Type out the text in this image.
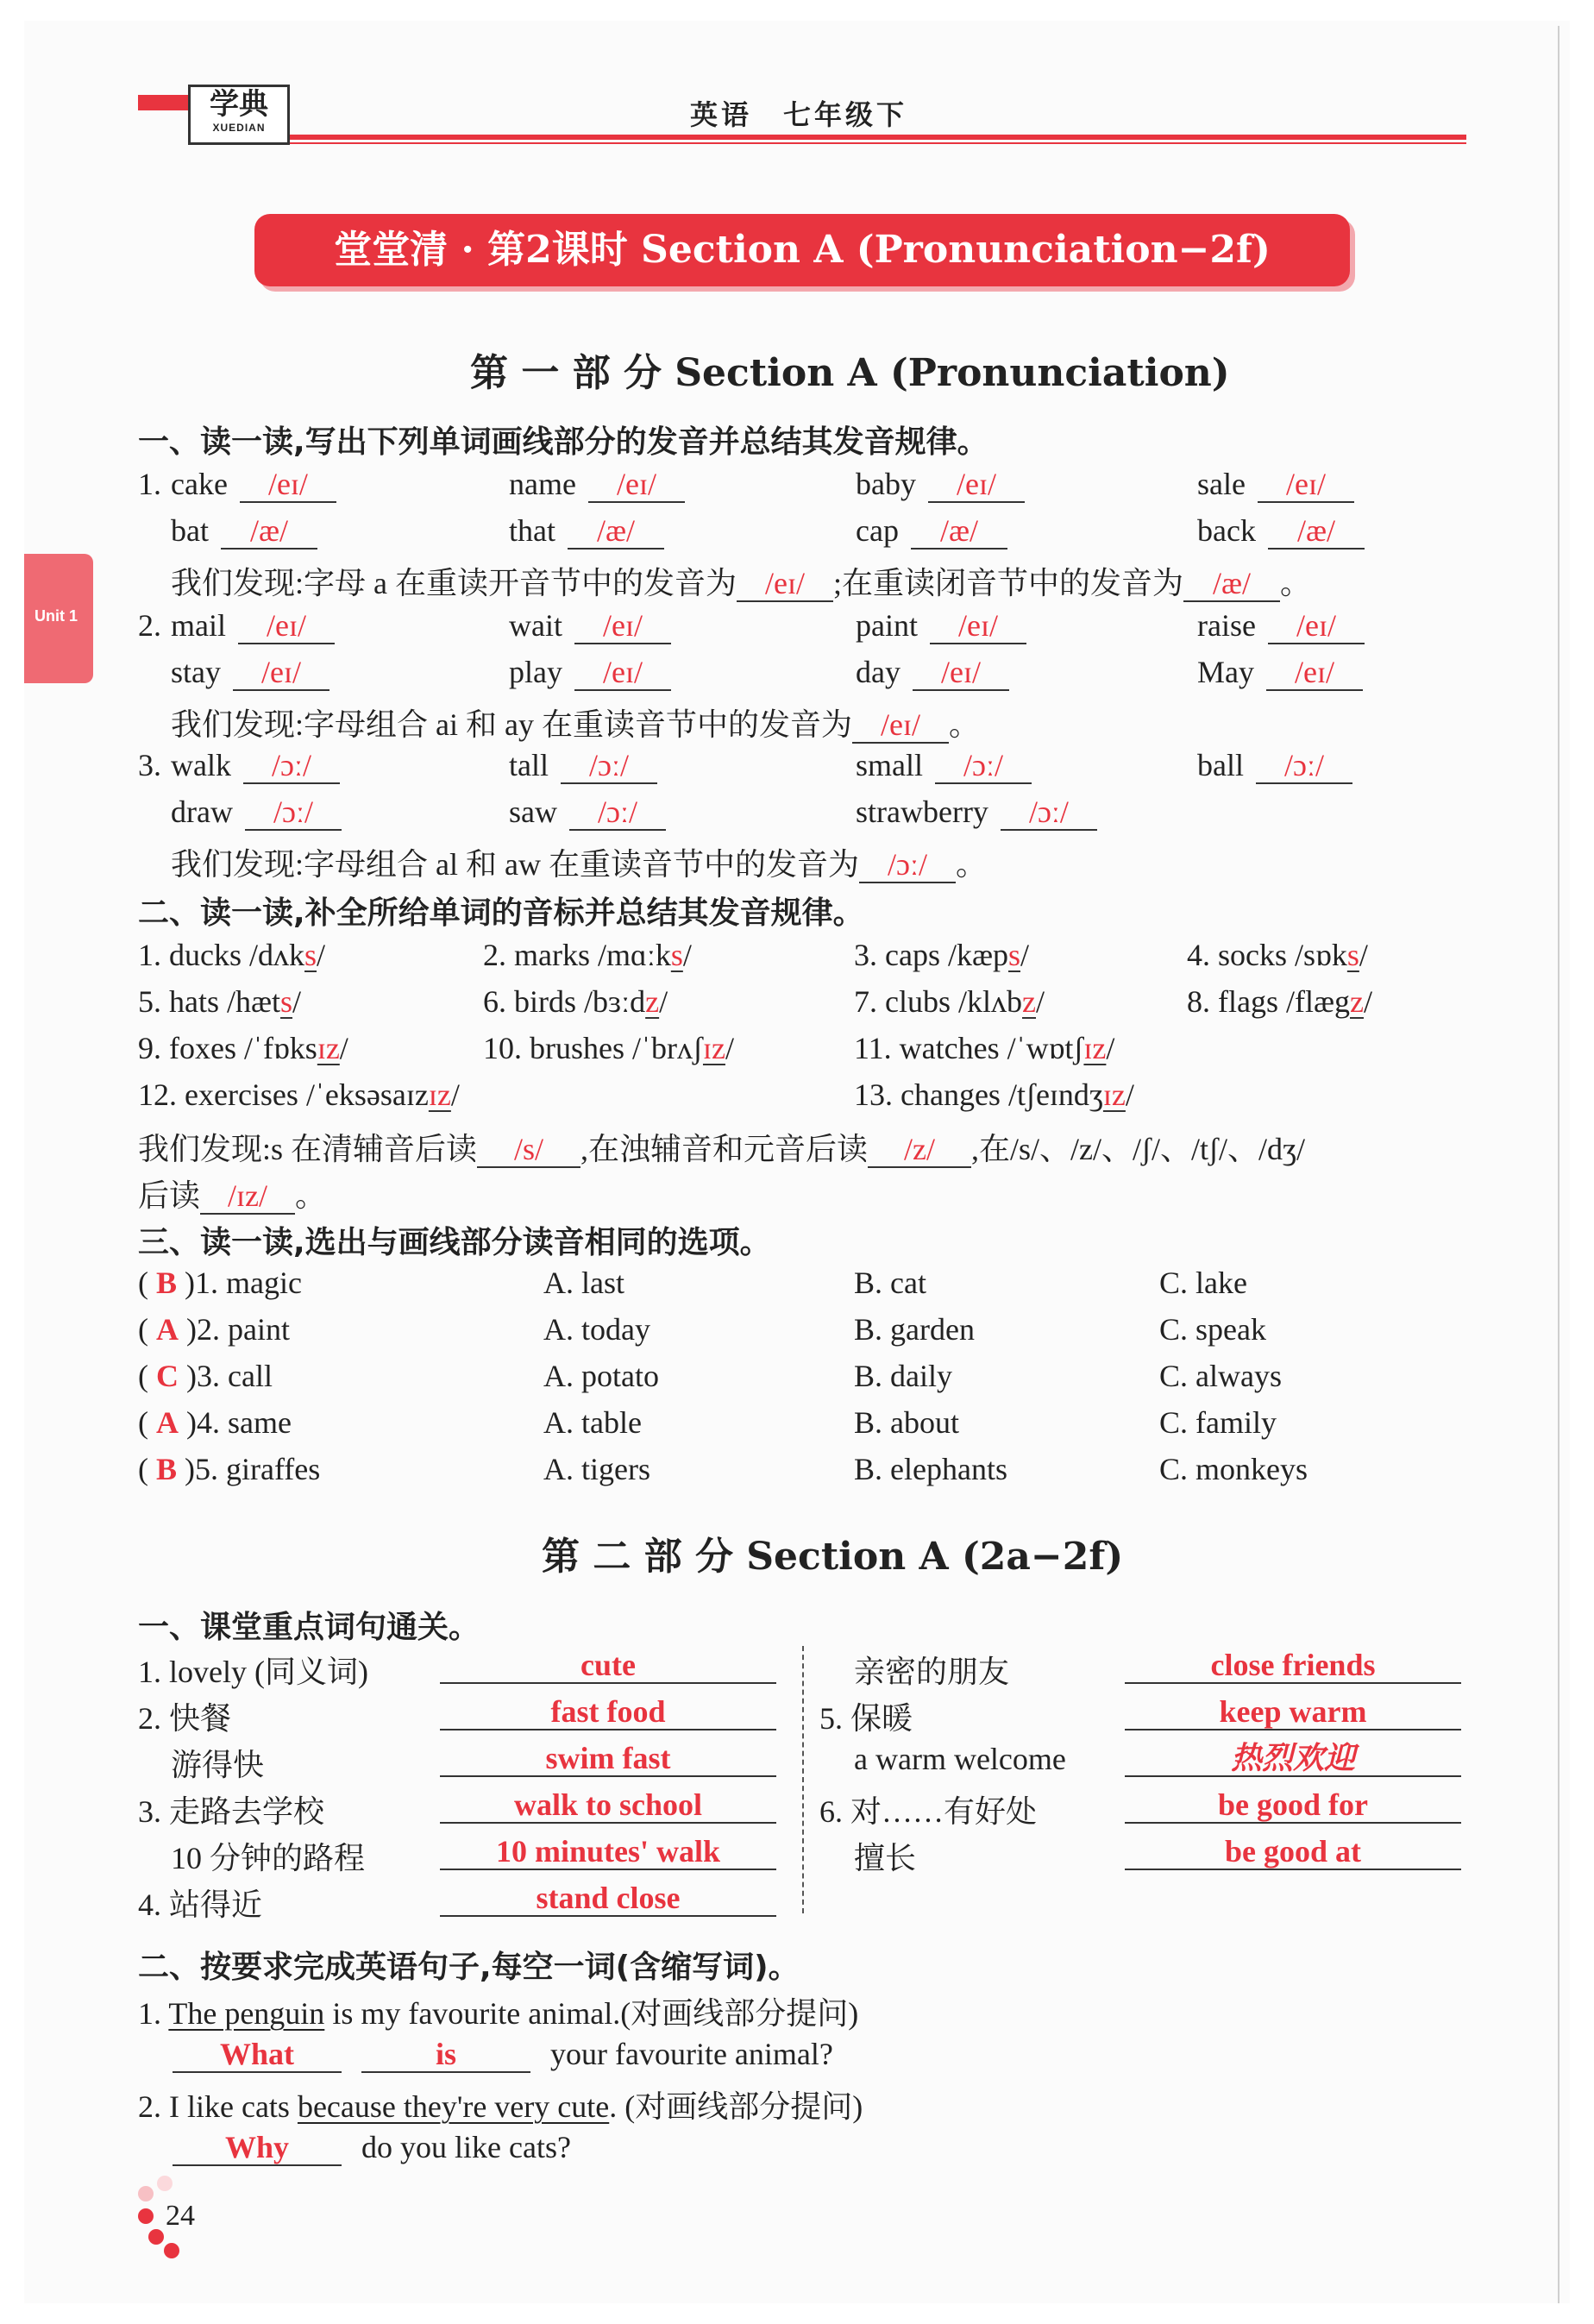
学典
XUEDIAN	英语　七年级下
堂堂清 · 第2课时 Section A (Pronunciation−2f)
Unit 1
第 一 部 分 Section A (Pronunciation)
一、读一读,写出下列单词画线部分的发音并总结其发音规律。
二、读一读,补全所给单词的音标并总结其发音规律。
我们发现:s 在清辅音后读 /s/ ,在浊辅音和元音后读 /z/ ,在/s/、/z/、/ʃ/、/tʃ/、/dʒ/
后读 /ɪz/ 。
三、读一读,选出与画线部分读音相同的选项。
第 二 部 分 Section A (2a−2f)
一、课堂重点词句通关。
二、按要求完成英语句子,每空一词(含缩写词)。
1. The penguin is my favourite animal.(对画线部分提问)
What	is	your favourite animal?
2. I like cats because they're very cute. (对画线部分提问)
Why do you like cats?
24
1. cake /eɪ/	name /eɪ/	baby /eɪ/	sale /eɪ/
bat /æ/	that /æ/	cap /æ/	back /æ/
我们发现:字母 a 在重读开音节中的发音为 /eɪ/ ;在重读闭音节中的发音为 /æ/ 。
2. mail /eɪ/	wait /eɪ/	paint /eɪ/	raise /eɪ/
stay /eɪ/	play /eɪ/	day /eɪ/	May /eɪ/
我们发现:字母组合 ai 和 ay 在重读音节中的发音为 /eɪ/ 。
3. walk /ɔː/	tall /ɔː/	small /ɔː/	ball /ɔː/
draw /ɔː/	saw /ɔː/	strawberry /ɔː/
我们发现:字母组合 al 和 aw 在重读音节中的发音为 /ɔː/ 。
1. ducks /dʌks/	2. marks /mɑːks/	3. caps /kæps/	4. socks /sɒks/
5. hats /hæts/	6. birds /bɜːdz/	7. clubs /klʌbz/	8. flags /flægz/
9. foxes /ˈfɒksɪz/	10. brushes /ˈbrʌʃɪz/	11. watches /ˈwɒtʃɪz/
12. exercises /ˈeksəsaɪzɪz/	13. changes /tʃeɪndʒɪz/
( B )1. magic	A. last	B. cat	C. lake
( A )2. paint	A. today	B. garden	C. speak
( C )3. call	A. potato	B. daily	C. always
( A )4. same	A. table	B. about	C. family
( B )5. giraffes	A. tigers	B. elephants	C. monkeys
1. lovely (同义词)	cute
2. 快餐	fast food
游得快	swim fast
3. 走路去学校	walk to school
10 分钟的路程	10 minutes' walk
4. 站得近	stand close
亲密的朋友	close friends
5. 保暖	keep warm
a warm welcome	热烈欢迎
6. 对……有好处	be good for
擅长	be good at
